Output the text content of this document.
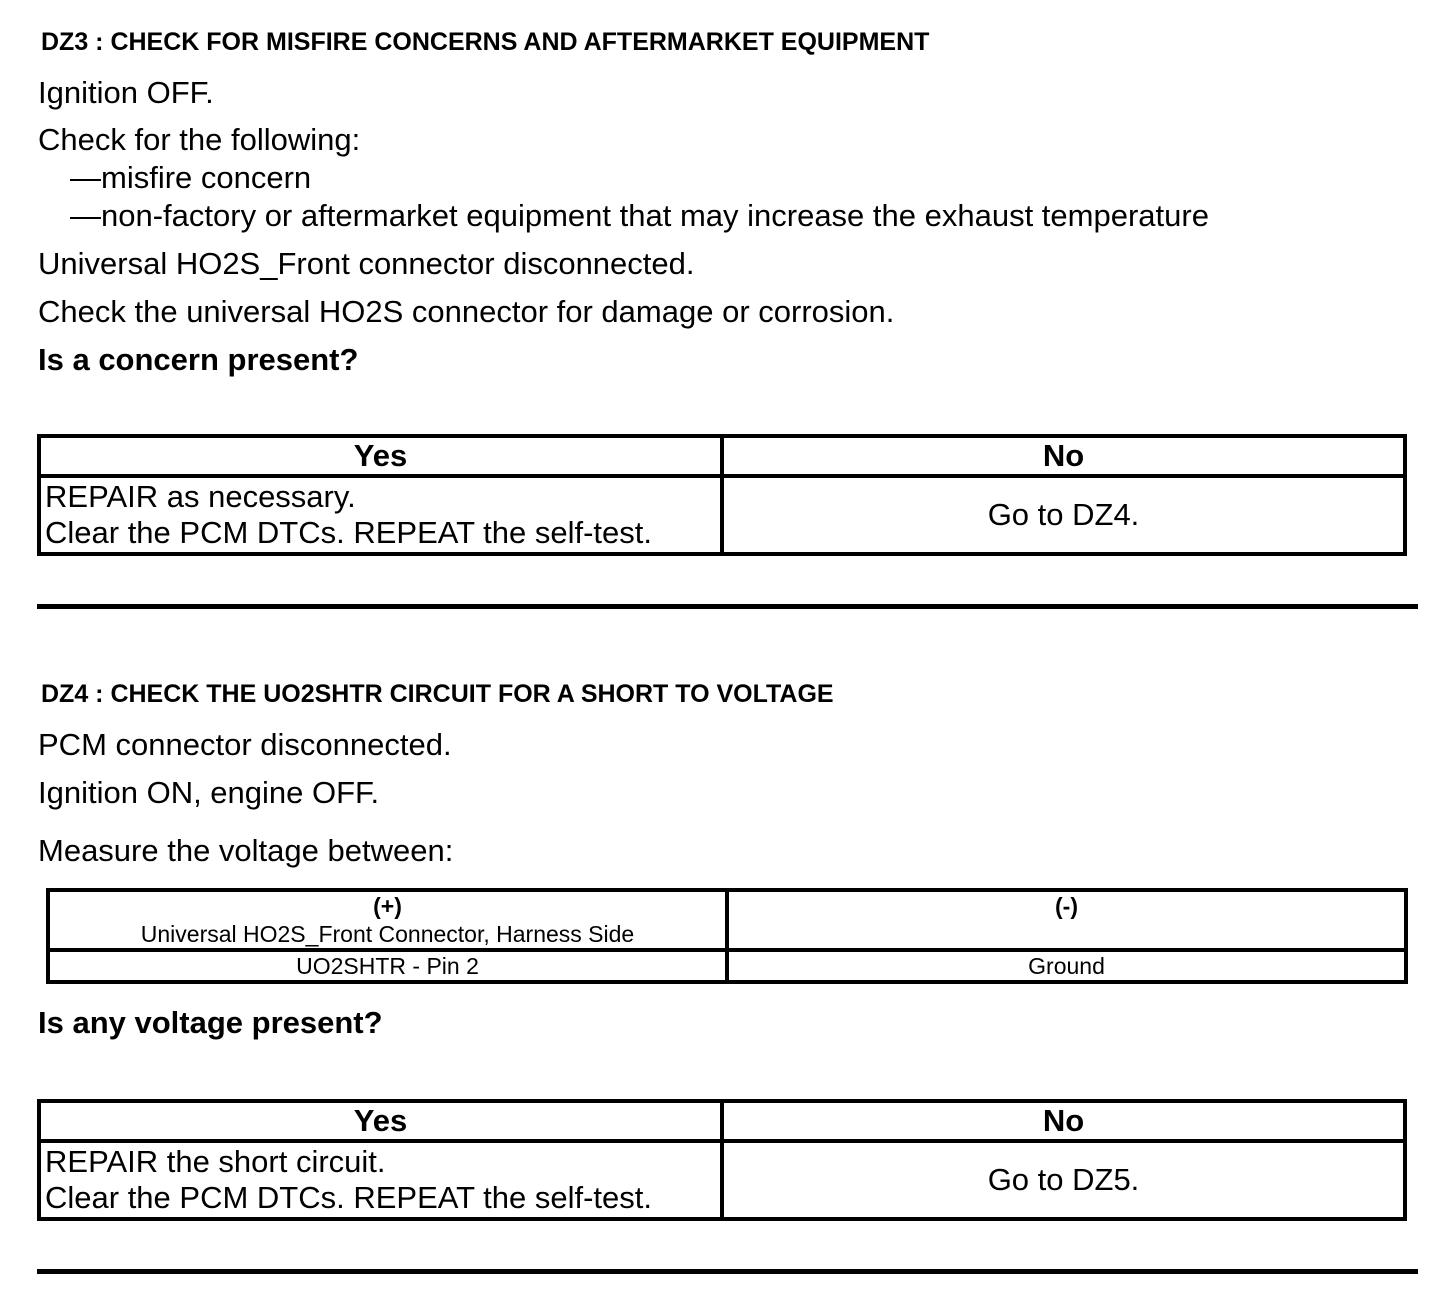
DZ3 : CHECK FOR MISFIRE CONCERNS AND AFTERMARKET EQUIPMENT
Ignition OFF.
Check for the following:
—misfire concern
—non-factory or aftermarket equipment that may increase the exhaust temperature
Universal HO2S_Front connector disconnected.
Check the universal HO2S connector for damage or corrosion.
Is a concern present?
Yes	No

REPAIR as necessary.
Clear the PCM DTCs. REPEAT the self-test.	Go to DZ4.
DZ4 : CHECK THE UO2SHTR CIRCUIT FOR A SHORT TO VOLTAGE
PCM connector disconnected.
Ignition ON, engine OFF.
Measure the voltage between:
(+)
Universal HO2S_Front Connector, Harness Side	(-)

UO2SHTR - Pin 2	Ground
Is any voltage present?
Yes	No

REPAIR the short circuit.
Clear the PCM DTCs. REPEAT the self-test.	Go to DZ5.
